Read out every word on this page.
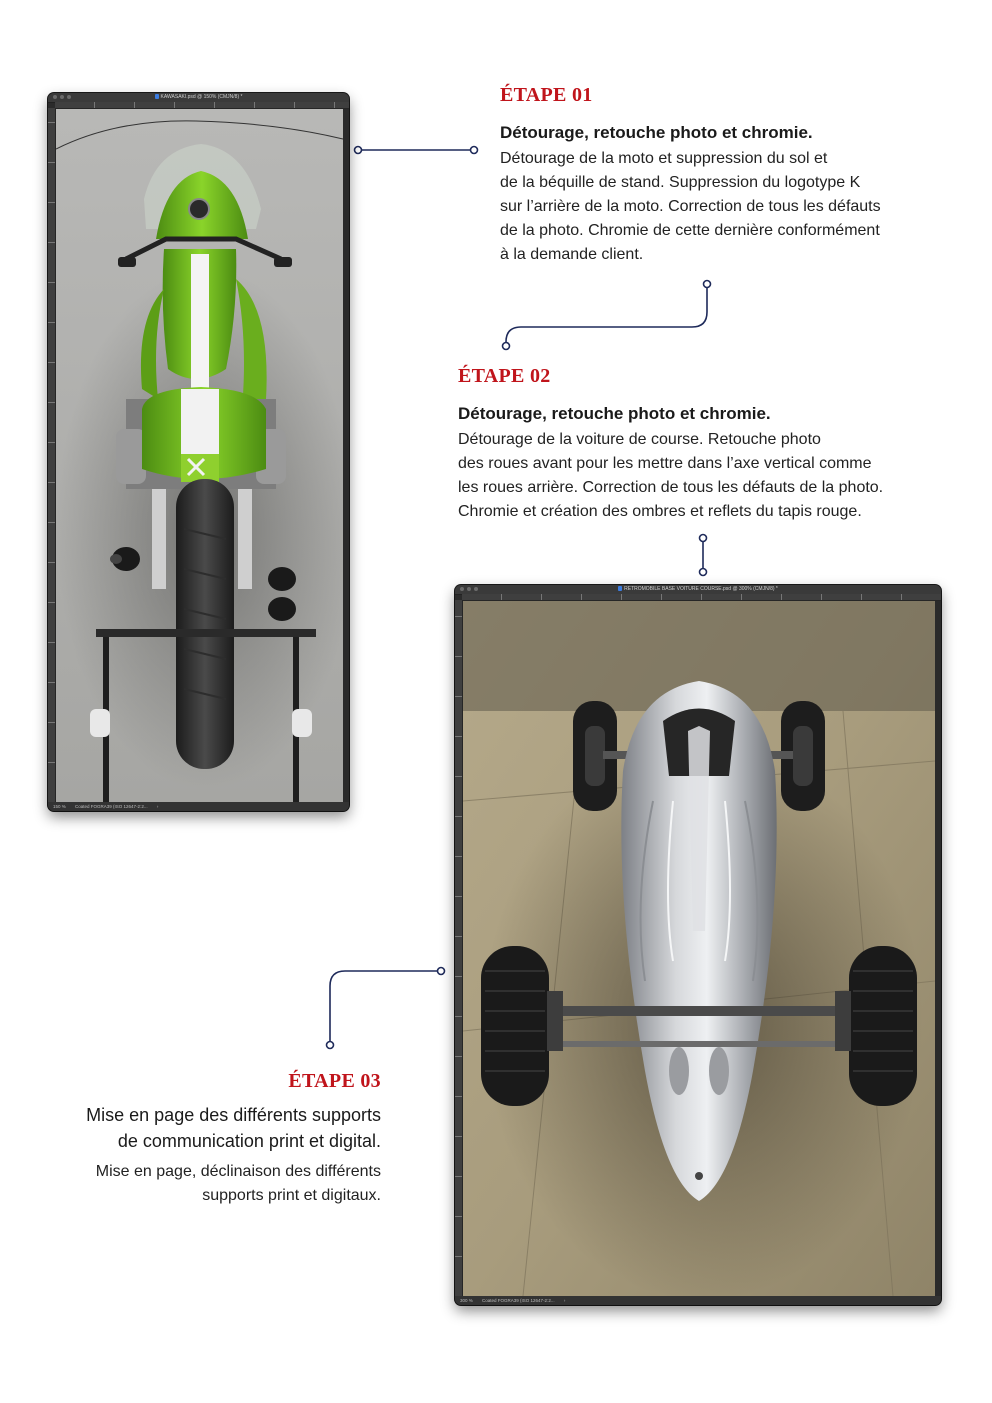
KAWASAKI.psd @ 150% (CMJN/8) *
150 % Coated FOGRA39 (ISO 12647-2:2... ›
RETROMOBILE BASE VOITURE COURSE.psd @ 300% (CMJN/8) *
300 % Coated FOGRA39 (ISO 12647-2:2... ›
ÉTAPE 01
Détourage, retouche photo et chromie.
Détourage de la moto et suppression du sol et
de la béquille de stand. Suppression du logotype K
sur l’arrière de la moto. Correction de tous les défauts
de la photo. Chromie de cette dernière conformément
à la demande client.
ÉTAPE 02
Détourage, retouche photo et chromie.
Détourage de la voiture de course. Retouche photo
des roues avant pour les mettre dans l’axe vertical comme
les roues arrière. Correction de tous les défauts de la photo.
Chromie et création des ombres et reflets du tapis rouge.
ÉTAPE 03
Mise en page des différents supports
de communication print et digital.
Mise en page, déclinaison des différents
supports print et digitaux.
